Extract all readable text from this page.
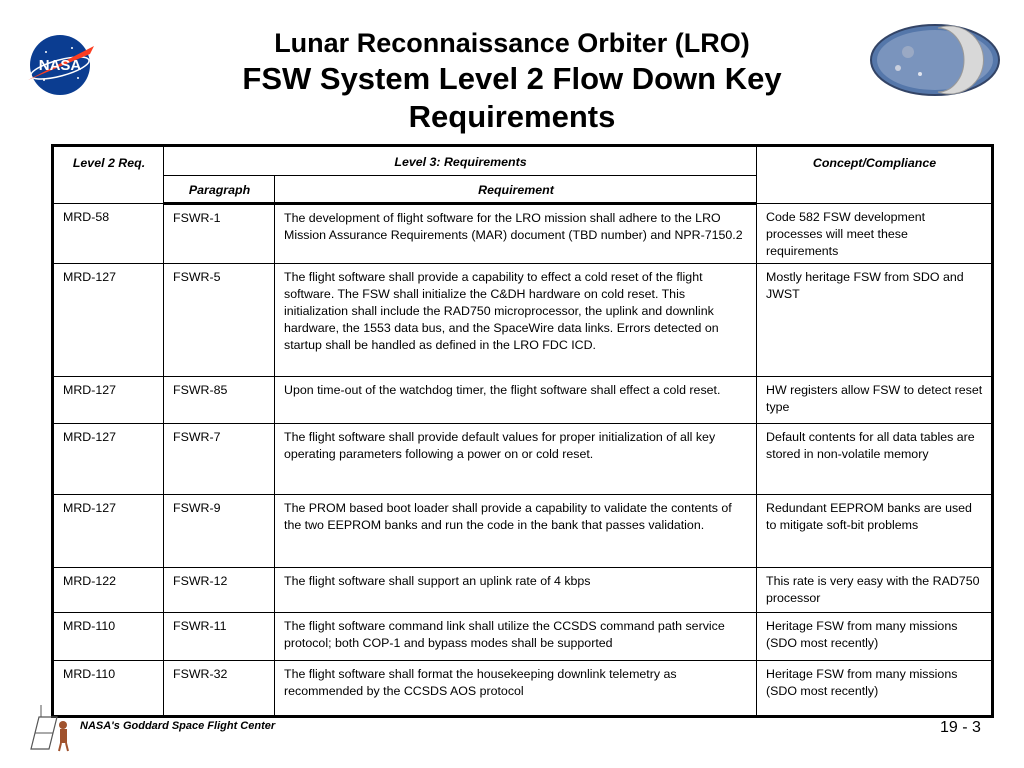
NASA
Lunar Reconnaissance Orbiter (LRO)
FSW System Level 2 Flow Down Key
Requirements
Level 2 Req.	Level 3: Requirements		Concept/Compliance
	Paragraph	Requirement	
MRD-58	FSWR-1	The development of flight software for the LRO mission shall adhere to the LRO Mission Assurance Requirements (MAR) document (TBD number) and NPR-7150.2	Code 582 FSW development processes will meet these requirements
MRD-127	FSWR-5	The flight software shall provide a capability to effect a cold reset of the flight software. The FSW shall initialize the C&DH hardware on cold reset. This initialization shall include the RAD750 microprocessor, the uplink and downlink hardware, the 1553 data bus, and the SpaceWire data links. Errors detected on startup shall be handled as defined in the LRO FDC ICD.	Mostly heritage FSW from SDO and JWST
MRD-127	FSWR-85	Upon time-out of the watchdog timer, the flight software shall effect a cold reset.	HW registers allow FSW to detect reset type
MRD-127	FSWR-7	The flight software shall provide default values for proper initialization of all key operating parameters following a power on or cold reset.	Default contents for all data tables are stored in non-volatile memory
MRD-127	FSWR-9	The PROM based boot loader shall provide a capability to validate the contents of the two EEPROM banks and run the code in the bank that passes validation.	Redundant EEPROM banks are used to mitigate soft-bit problems
MRD-122	FSWR-12	The flight software shall support an uplink rate of 4 kbps	This rate is very easy with the RAD750 processor
MRD-110	FSWR-11	The flight software command link shall utilize the CCSDS command path service protocol; both COP-1 and bypass modes shall be supported	Heritage FSW from many missions (SDO most recently)
MRD-110	FSWR-32	The flight software shall format the housekeeping downlink telemetry as recommended by the CCSDS AOS protocol	Heritage FSW from many missions (SDO most recently)
NASA's Goddard Space Flight Center	19 - 3
